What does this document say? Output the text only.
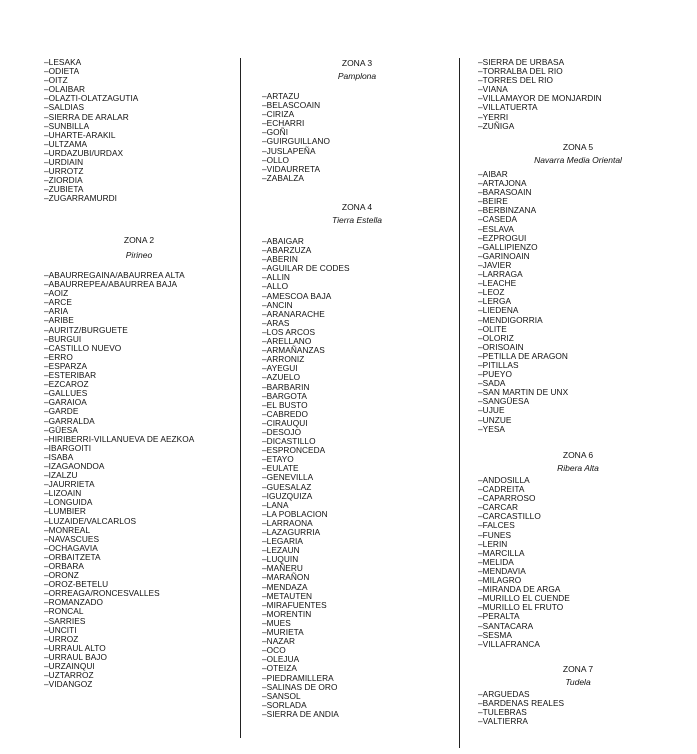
–LESAKA
–ODIETA
–OITZ
–OLAIBAR
–OLAZTI-OLATZAGUTIA
–SALDIAS
–SIERRA DE ARALAR
–SUNBILLA
–UHARTE-ARAKIL
–ULTZAMA
–URDAZUBI/URDAX
–URDIAIN
–URROTZ
–ZIORDIA
–ZUBIETA
–ZUGARRAMURDI
ZONA 2
Pirineo
–ABAURREGAINA/ABAURREA ALTA
–ABAURREPEA/ABAURREA BAJA
–AOIZ
–ARCE
–ARIA
–ARIBE
–AURITZ/BURGUETE
–BURGUI
–CASTILLO NUEVO
–ERRO
–ESPARZA
–ESTERIBAR
–EZCAROZ
–GALLUES
–GARAIOA
–GARDE
–GARRALDA
–GÜESA
–HIRIBERRI-VILLANUEVA DE AEZKOA
–IBARGOITI
–ISABA
–IZAGAONDOA
–IZALZU
–JAURRIETA
–LIZOAIN
–LONGUIDA
–LUMBIER
–LUZAIDE/VALCARLOS
–MONREAL
–NAVASCUES
–OCHAGAVIA
–ORBAITZETA
–ORBARA
–ORONZ
–OROZ-BETELU
–ORREAGA/RONCESVALLES
–ROMANZADO
–RONCAL
–SARRIES
–UNCITI
–URROZ
–URRAUL ALTO
–URRAUL BAJO
–URZAINQUI
–UZTARROZ
–VIDANGOZ
ZONA 3
Pamplona
–ARTAZU
–BELASCOAIN
–CIRIZA
–ECHARRI
–GOÑI
–GUIRGUILLANO
–JUSLAPEÑA
–OLLO
–VIDAURRETA
–ZABALZA
ZONA 4
Tierra Estella
–ABAIGAR
–ABARZUZA
–ABERIN
–AGUILAR DE CODES
–ALLIN
–ALLO
–AMESCOA BAJA
–ANCIN
–ARANARACHE
–ARAS
–LOS ARCOS
–ARELLANO
–ARMAÑANZAS
–ARRONIZ
–AYEGUI
–AZUELO
–BARBARIN
–BARGOTA
–EL BUSTO
–CABREDO
–CIRAUQUI
–DESOJO
–DICASTILLO
–ESPRONCEDA
–ETAYO
–EULATE
–GENEVILLA
–GUESALAZ
–IGUZQUIZA
–LANA
–LA POBLACION
–LARRAONA
–LAZAGURRIA
–LEGARIA
–LEZAUN
–LUQUIN
–MAÑERU
–MARAÑON
–MENDAZA
–METAUTEN
–MIRAFUENTES
–MORENTIN
–MUES
–MURIETA
–NAZAR
–OCO
–OLEJUA
–OTEIZA
–PIEDRAMILLERA
–SALINAS DE ORO
–SANSOL
–SORLADA
–SIERRA DE ANDIA
–SIERRA DE URBASA
–TORRALBA DEL RIO
–TORRES DEL RIO
–VIANA
–VILLAMAYOR DE MONJARDIN
–VILLATUERTA
–YERRI
–ZUÑIGA
ZONA 5
Navarra Media Oriental
–AIBAR
–ARTAJONA
–BARASOAIN
–BEIRE
–BERBINZANA
–CASEDA
–ESLAVA
–EZPROGUI
–GALLIPIENZO
–GARINOAIN
–JAVIER
–LARRAGA
–LEACHE
–LEOZ
–LERGA
–LIEDENA
–MENDIGORRIA
–OLITE
–OLORIZ
–ORISOAIN
–PETILLA DE ARAGON
–PITILLAS
–PUEYO
–SADA
–SAN MARTIN DE UNX
–SANGÜESA
–UJUE
–UNZUE
–YESA
ZONA 6
Ribera Alta
–ANDOSILLA
–CADREITA
–CAPARROSO
–CARCAR
–CARCASTILLO
–FALCES
–FUNES
–LERIN
–MARCILLA
–MELIDA
–MENDAVIA
–MILAGRO
–MIRANDA DE ARGA
–MURILLO EL CUENDE
–MURILLO EL FRUTO
–PERALTA
–SANTACARA
–SESMA
–VILLAFRANCA
ZONA 7
Tudela
–ARGUEDAS
–BARDENAS REALES
–TULEBRAS
–VALTIERRA
